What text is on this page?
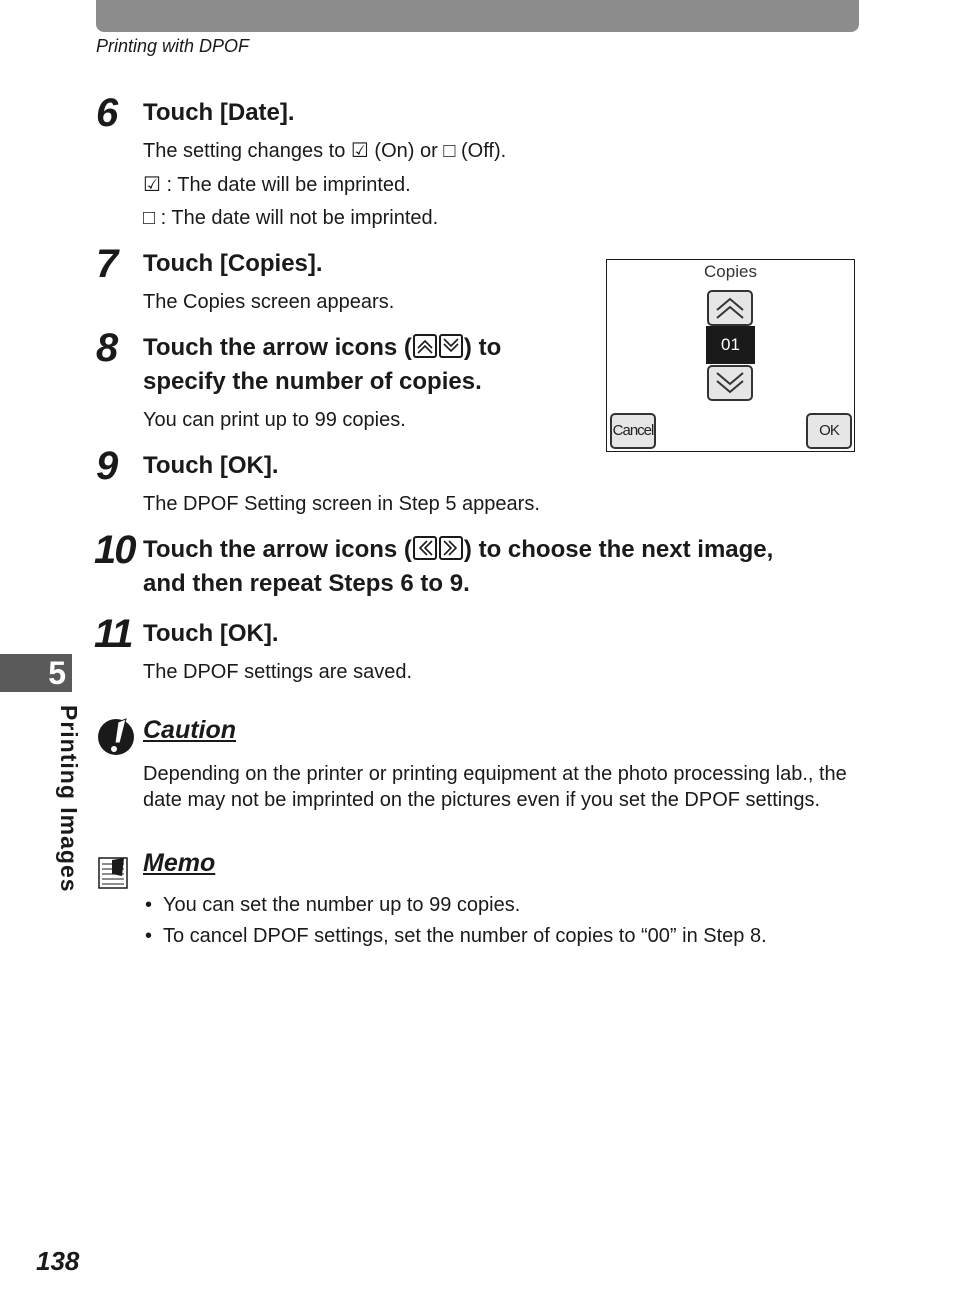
Printing with DPOF
6 Touch [Date].
The setting changes to ☑ (On) or □ (Off).
☑ : The date will be imprinted.
□ : The date will not be imprinted.
7 Touch [Copies].
The Copies screen appears.
8 Touch the arrow icons ( ) to
specify the number of copies.
You can print up to 99 copies.
Copies
01
Cancel	OK
9 Touch [OK].
The DPOF Setting screen in Step 5 appears.
10 Touch the arrow icons ( ) to choose the next image,
and then repeat Steps 6 to 9.
11 Touch [OK].
The DPOF settings are saved.
5
Printing Images Caution
Depending on the printer or printing equipment at the photo processing lab., the date may not be imprinted on the pictures even if you set the DPOF settings.
Memo
• You can set the number up to 99 copies.
• To cancel DPOF settings, set the number of copies to “00” in Step 8.
138
